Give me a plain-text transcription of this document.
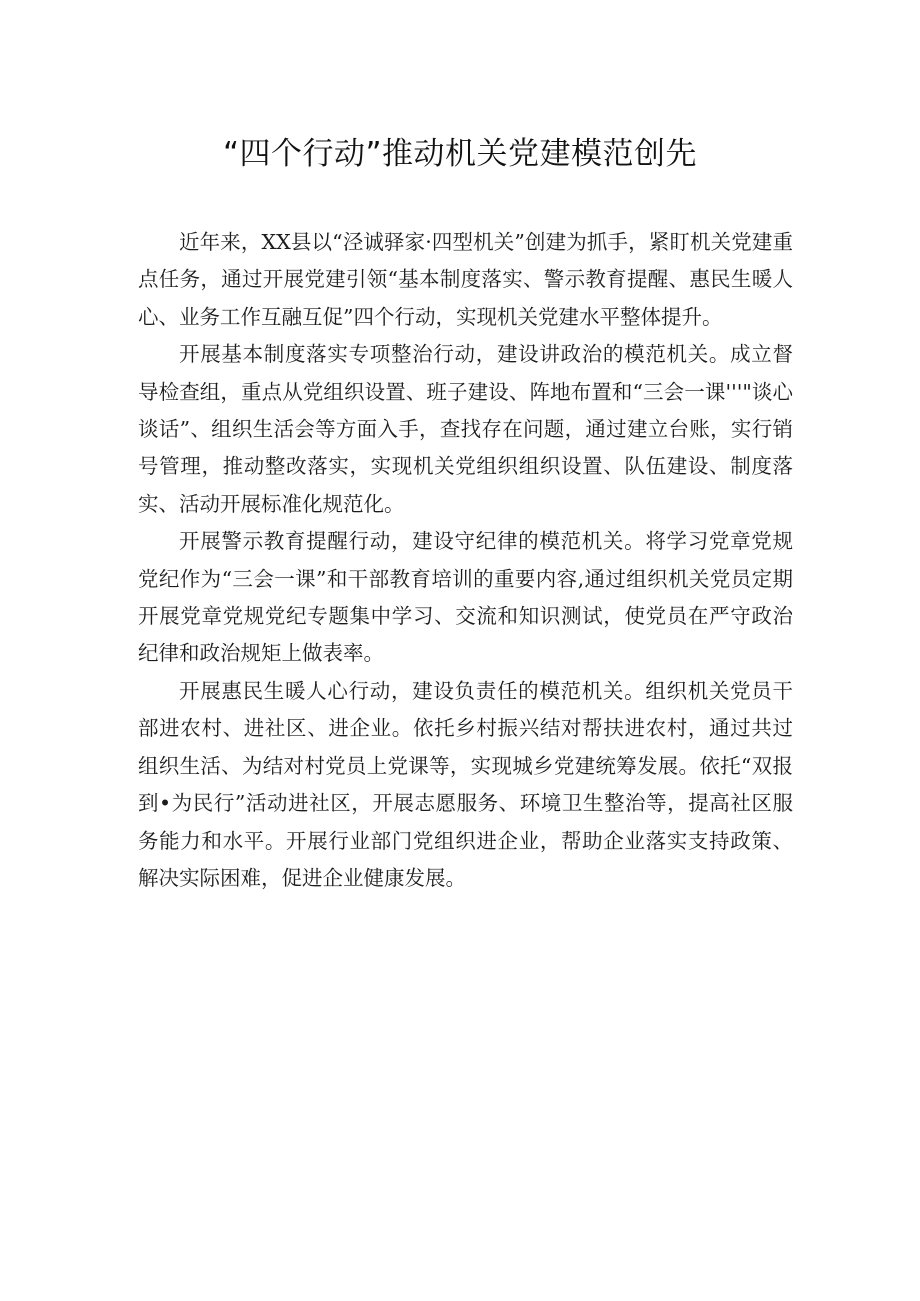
“四个行动”推动机关党建模范创先

近年来，XX县以“泾诚驿家·四型机关”创建为抓手，紧盯机关党建重点任务，通过开展党建引领“基本制度落实、警示教育提醒、惠民生暖人心、业务工作互融互促”四个行动，实现机关党建水平整体提升。

开展基本制度落实专项整治行动，建设讲政治的模范机关。成立督导检查组，重点从党组织设置、班子建设、阵地布置和“三会一课'''"谈心谈话”、组织生活会等方面入手，查找存在问题，通过建立台账，实行销号管理，推动整改落实，实现机关党组织组织设置、队伍建设、制度落实、活动开展标准化规范化。

开展警示教育提醒行动，建设守纪律的模范机关。将学习党章党规党纪作为“三会一课”和干部教育培训的重要内容,通过组织机关党员定期开展党章党规党纪专题集中学习、交流和知识测试，使党员在严守政治纪律和政治规矩上做表率。

开展惠民生暖人心行动，建设负责任的模范机关。组织机关党员干部进农村、进社区、进企业。依托乡村振兴结对帮扶进农村，通过共过组织生活、为结对村党员上党课等，实现城乡党建统筹发展。依托“双报到•为民行”活动进社区，开展志愿服务、环境卫生整治等，提高社区服务能力和水平。开展行业部门党组织进企业，帮助企业落实支持政策、解决实际困难，促进企业健康发展。
